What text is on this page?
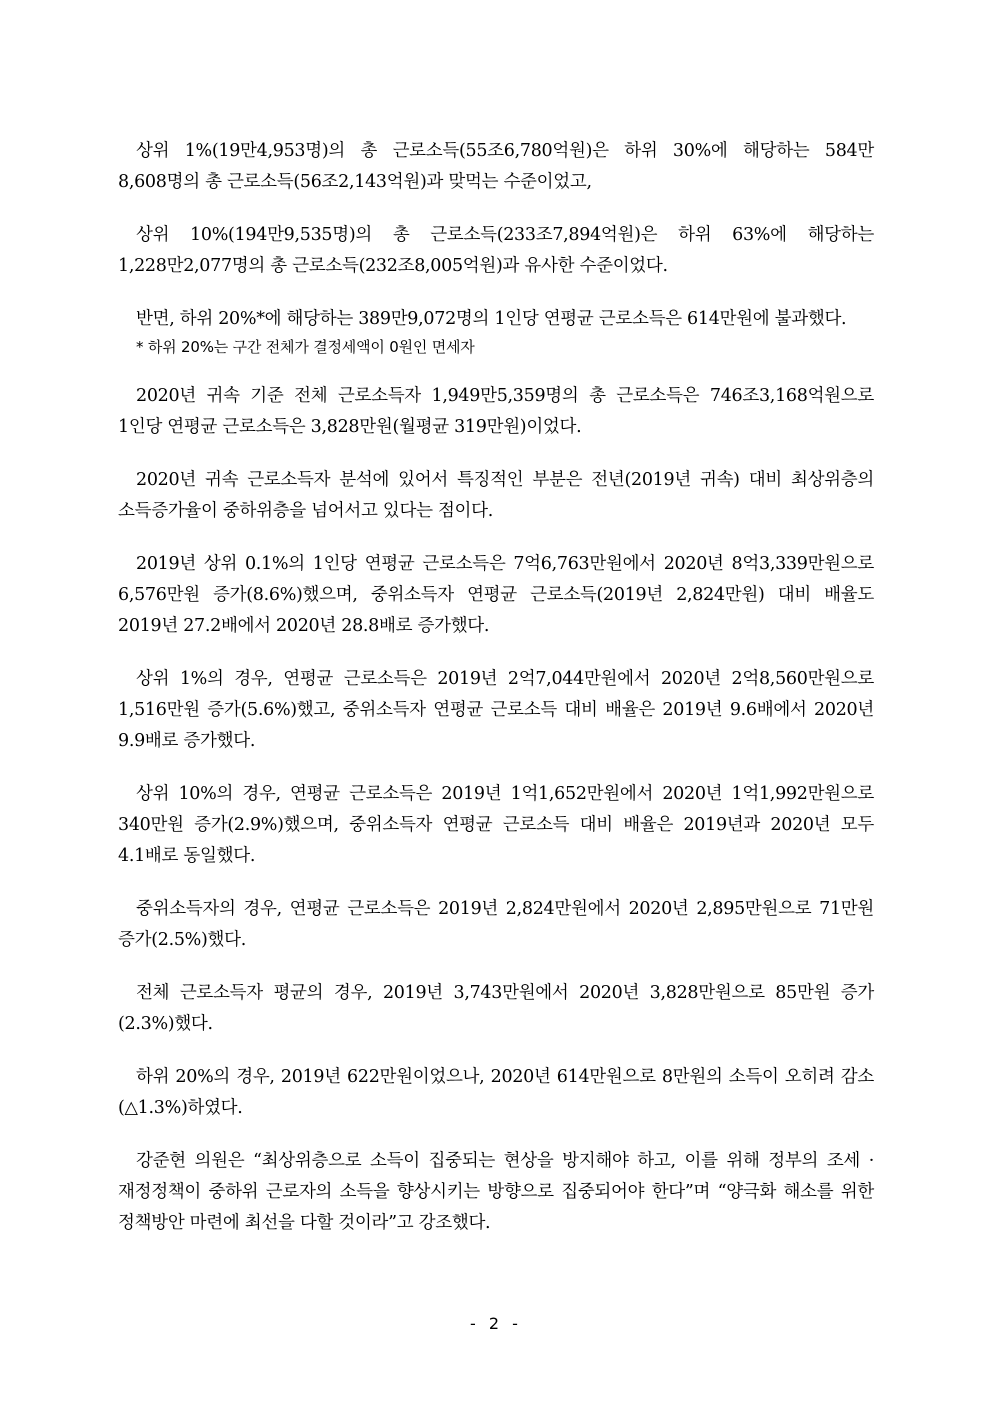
상위 1%(19만4,953명)의 총 근로소득(55조6,780억원)은 하위 30%에 해당하는 584만 8,608명의 총 근로소득(56조2,143억원)과 맞먹는 수준이었고,

상위 10%(194만9,535명)의 총 근로소득(233조7,894억원)은 하위 63%에 해당하는 1,228만2,077명의 총 근로소득(232조8,005억원)과 유사한 수준이었다.

반면, 하위 20%*에 해당하는 389만9,072명의 1인당 연평균 근로소득은 614만원에 불과했다.

* 하위 20%는 구간 전체가 결정세액이 0원인 면세자

2020년 귀속 기준 전체 근로소득자 1,949만5,359명의 총 근로소득은 746조3,168억원으로 1인당 연평균 근로소득은 3,828만원(월평균 319만원)이었다.

2020년 귀속 근로소득자 분석에 있어서 특징적인 부분은 전년(2019년 귀속) 대비 최상위층의 소득증가율이 중하위층을 넘어서고 있다는 점이다.

2019년 상위 0.1%의 1인당 연평균 근로소득은 7억6,763만원에서 2020년 8억3,339만원으로 6,576만원 증가(8.6%)했으며, 중위소득자 연평균 근로소득(2019년 2,824만원) 대비 배율도 2019년 27.2배에서 2020년 28.8배로 증가했다.

상위 1%의 경우, 연평균 근로소득은 2019년 2억7,044만원에서 2020년 2억8,560만원으로 1,516만원 증가(5.6%)했고, 중위소득자 연평균 근로소득 대비 배율은 2019년 9.6배에서 2020년 9.9배로 증가했다.

상위 10%의 경우, 연평균 근로소득은 2019년 1억1,652만원에서 2020년 1억1,992만원으로 340만원 증가(2.9%)했으며, 중위소득자 연평균 근로소득 대비 배율은 2019년과 2020년 모두 4.1배로 동일했다.

중위소득자의 경우, 연평균 근로소득은 2019년 2,824만원에서 2020년 2,895만원으로 71만원 증가(2.5%)했다.

전체 근로소득자 평균의 경우, 2019년 3,743만원에서 2020년 3,828만원으로 85만원 증가(2.3%)했다.

하위 20%의 경우, 2019년 622만원이었으나, 2020년 614만원으로 8만원의 소득이 오히려 감소(△1.3%)하였다.

강준현 의원은 “최상위층으로 소득이 집중되는 현상을 방지해야 하고, 이를 위해 정부의 조세 · 재정정책이 중하위 근로자의 소득을 향상시키는 방향으로 집중되어야 한다”며 “양극화 해소를 위한 정책방안 마련에 최선을 다할 것이라”고 강조했다.

- 2 -
